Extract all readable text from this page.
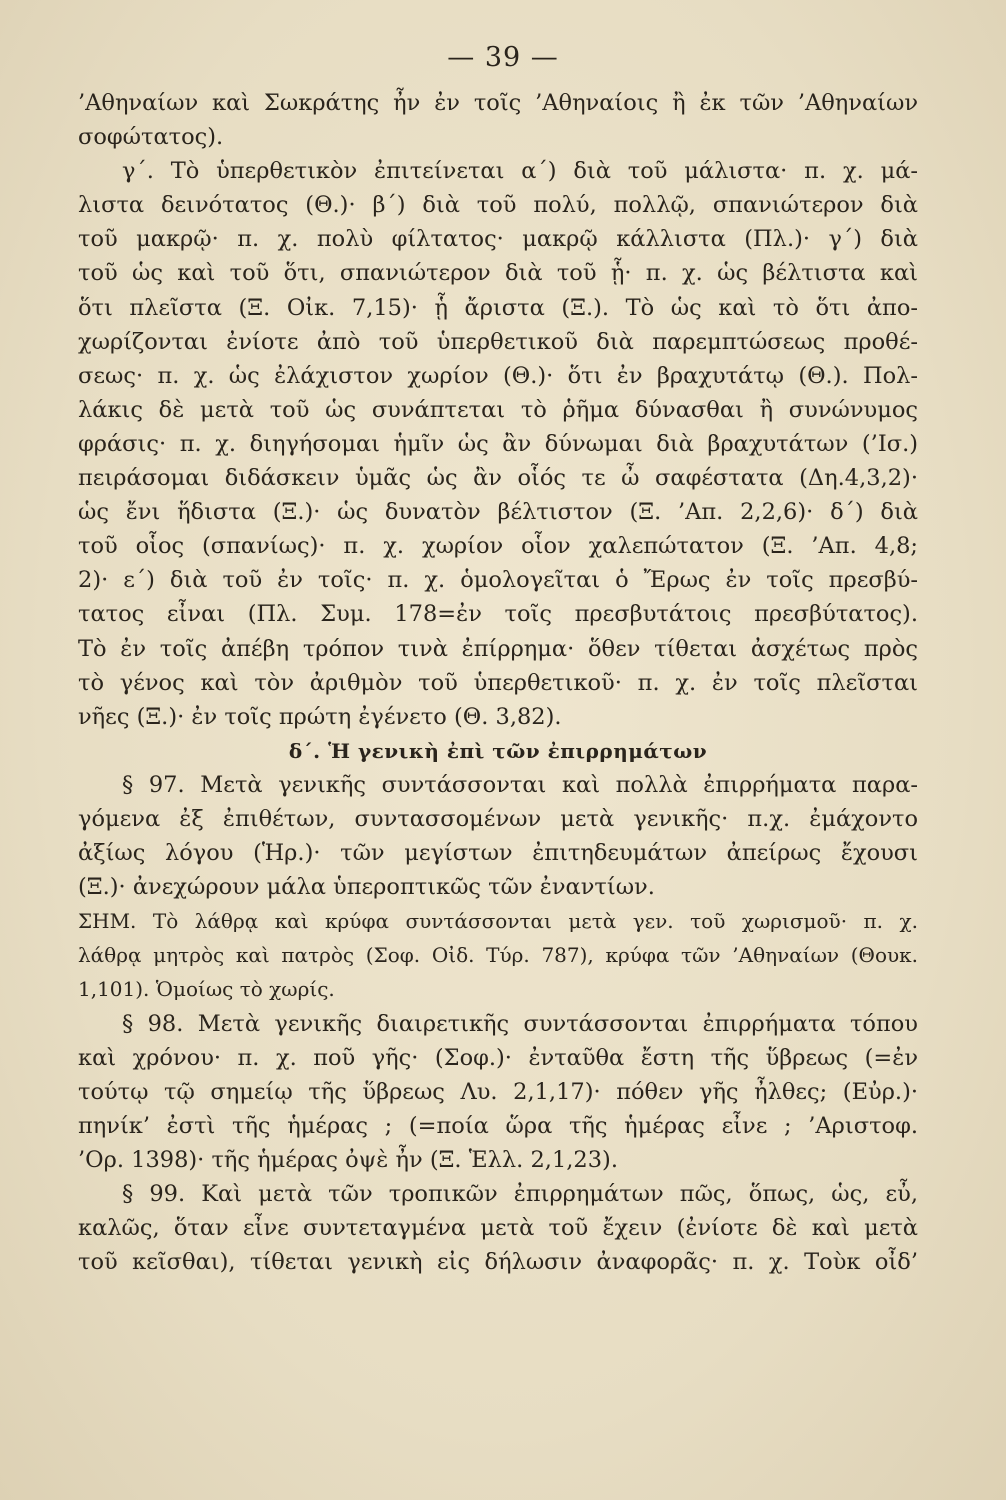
— 39 —
’Αθηναίων καὶ Σωκράτης ἦν ἐν τοῖς ’Αθηναίοις ἢ ἐκ τῶν ’Αθηναίων
σοφώτατος).
γ΄. Τὸ ὑπερθετικὸν ἐπιτείνεται α΄) διὰ τοῦ μάλιστα· π. χ. μά-
λιστα δεινότατος (Θ.)· β΄) διὰ τοῦ πολύ, πολλῷ, σπανιώτερον διὰ
τοῦ μακρῷ· π. χ. πολὺ φίλτατος· μακρῷ κάλλιστα (Πλ.)· γ΄) διὰ
τοῦ ὡς καὶ τοῦ ὅτι, σπανιώτερον διὰ τοῦ ᾗ· π. χ. ὡς βέλτιστα καὶ
ὅτι πλεῖστα (Ξ. Οἰκ. 7,15)· ᾗ ἄριστα (Ξ.). Τὸ ὡς καὶ τὸ ὅτι ἀπο-
χωρίζονται ἐνίοτε ἀπὸ τοῦ ὑπερθετικοῦ διὰ παρεμπτώσεως προθέ-
σεως· π. χ. ὡς ἐλάχιστον χωρίον (Θ.)· ὅτι ἐν βραχυτάτῳ (Θ.). Πολ-
λάκις δὲ μετὰ τοῦ ὡς συνάπτεται τὸ ῥῆμα δύνασθαι ἢ συνώνυμος
φράσις· π. χ. διηγήσομαι ἡμῖν ὡς ἂν δύνωμαι διὰ βραχυτάτων (’Ισ.)
πειράσομαι διδάσκειν ὑμᾶς ὡς ἂν οἷός τε ὦ σαφέστατα (Δη.4,3,2)·
ὡς ἔνι ἥδιστα (Ξ.)· ὡς δυνατὸν βέλτιστον (Ξ. ’Απ. 2,2,6)· δ΄) διὰ
τοῦ οἷος (σπανίως)· π. χ. χωρίον οἷον χαλεπώτατον (Ξ. ’Απ. 4,8;
2)· ε΄) διὰ τοῦ ἐν τοῖς· π. χ. ὁμολογεῖται ὁ Ἔρως ἐν τοῖς πρεσβύ-
τατος εἶναι (Πλ. Συμ. 178=ἐν τοῖς πρεσβυτάτοις πρεσβύτατος).
Τὸ ἐν τοῖς ἀπέβη τρόπον τινὰ ἐπίρρημα· ὅθεν τίθεται ἀσχέτως πρὸς
τὸ γένος καὶ τὸν ἀριθμὸν τοῦ ὑπερθετικοῦ· π. χ. ἐν τοῖς πλεῖσται
νῆες (Ξ.)· ἐν τοῖς πρώτη ἐγένετο (Θ. 3,82).
δ΄. Ἡ γενικὴ ἐπὶ τῶν ἐπιρρημάτων
§ 97. Μετὰ γενικῆς συντάσσονται καὶ πολλὰ ἐπιρρήματα παρα-
γόμενα ἐξ ἐπιθέτων, συντασσομένων μετὰ γενικῆς· π.χ. ἐμάχοντο
ἀξίως λόγου (Ἡρ.)· τῶν μεγίστων ἐπιτηδευμάτων ἀπείρως ἔχουσι
(Ξ.)· ἀνεχώρουν μάλα ὑπεροπτικῶς τῶν ἐναντίων.
ΣΗΜ. Τὸ λάθρᾳ καὶ κρύφα συντάσσονται μετὰ γεν. τοῦ χωρισμοῦ· π. χ.
λάθρᾳ μητρὸς καὶ πατρὸς (Σοφ. Οἰδ. Τύρ. 787), κρύφα τῶν ’Αθηναίων (Θουκ.
1,101). Ὁμοίως τὸ χωρίς.
§ 98. Μετὰ γενικῆς διαιρετικῆς συντάσσονται ἐπιρρήματα τόπου
καὶ χρόνου· π. χ. ποῦ γῆς· (Σοφ.)· ἐνταῦθα ἔστη τῆς ὕβρεως (=ἐν
τούτῳ τῷ σημείῳ τῆς ὕβρεως Λυ. 2,1,17)· πόθεν γῆς ἦλθες; (Εὐρ.)·
πηνίκ’ ἐστὶ τῆς ἡμέρας ; (=ποία ὥρα τῆς ἡμέρας εἶνε ; ’Αριστοφ.
’Ορ. 1398)· τῆς ἡμέρας ὀψὲ ἦν (Ξ. Ἑλλ. 2,1,23).
§ 99. Καὶ μετὰ τῶν τροπικῶν ἐπιρρημάτων πῶς, ὅπως, ὡς, εὖ,
καλῶς, ὅταν εἶνε συντεταγμένα μετὰ τοῦ ἔχειν (ἐνίοτε δὲ καὶ μετὰ
τοῦ κεῖσθαι), τίθεται γενικὴ εἰς δήλωσιν ἀναφορᾶς· π. χ. Τοὺκ οἶδ’
